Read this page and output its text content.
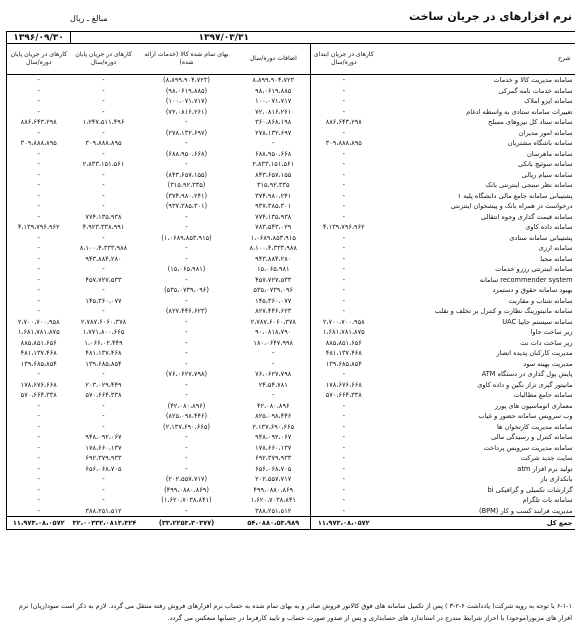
نرم افزارهای در جریان ساخت
مبالغ ـ ریال
۱۳۹۶/۰۹/۳۰	۱۳۹۷/۰۳/۳۱				
کارهای در جریان پایان دوره/سال	کارهای در جریان پایان دوره/سال	بهای تمام شده کالا (خدمات ارائه شده)	اضافات دوره/سال	کارهای در جریان ابتدای دوره/سال	شرح
-	-	(۸،۸۹۹،۹۰۴،۷۲۳)	۸،۸۹۹،۹۰۴،۷۲۳	-	سامانه مدیریت کالا و خدمات
-	-	(۹۸،۰۶۱۹،۸۸۵)	۹۸،۰۶۱۹،۸۸۵	-	سامانه خدمات نامه گمرکی
-	-	(۱۰۰،۰۷۱،۷۱۷)	۱۰۰،۰۷۱،۷۱۷	-	سامانه ایزو املاک
-	-	(۷۲،۰۸۱۶،۲۶۱)	۷۲،۰۸۱۶،۲۶۱	-	تغییرات سامانه ستادی به واسطه ادغام
۸۸۶،۶۴۳،۲۹۸	۱،۲۴۷،۵۱۱،۴۹۶	-	۳۶۰،۸۶۸،۱۹۸	۸۸۶،۶۴۳،۲۹۸	سامانه ستاد کل نیروهای مسلح
-	-	(۲۷۸،۱۳۲،۶۹۷)	۲۷۸،۱۳۲،۶۹۷	-	سامانه امور مدیران
۳۰۹،۸۸۸،۸۹۵	۳۰۹،۸۸۸،۸۹۵	-	-	۳۰۹،۸۸۸،۸۹۵	سامانه باشگاه مشتریان
-	-	(۶۸۸،۹۵۰،۶۶۸)	۶۸۸،۹۵۰،۶۶۸	-	سامانه ماهرسان
-	۲،۸۳۳،۱۵۱،۵۶۱	-	۲،۸۳۳،۱۵۱،۵۶۱	-	سامانه سوئیچ بانکی
-	-	(۸۴۳،۶۵۷،۱۵۵)	۸۴۳،۶۵۷،۱۵۵	-	سامانه سیام ریالی
-	-	(۳۱۵،۹۲،۳۳۵)	۳۱۵،۹۲،۳۳۵	-	سامانه نظر سنجی اینترنتی بانک
-	-	(۳۷۴،۹۸۰،۲۴۱)	۳۷۴،۹۸۰،۲۴۱	-	پشتیبانی سامانه جامع مالی دانشگاه پلیه ۱
-	-	(۹۳۷،۳۸۵،۳۰۱)	۹۳۷،۳۸۵،۳۰۱	-	درخواست در همراه بانک و پیشخوان اینترنتی
-	۷۷۴،۱۳۵،۹۳۸	-	۷۷۴،۱۳۵،۹۳۸	-	سامانه قیمت گذاری وجوه انتقالی
۴،۱۳۹،۷۹۶،۹۶۲	۴،۹۲۳،۳۳۸،۹۹۱	-	۷۸۳،۵۴۳،۰۲۹	۴،۱۳۹،۷۹۶،۹۶۲	سامانه داده کاوی
-	-	(۱،۰۶۸۹،۸۵۳،۹۱۵)	۱،۰۶۸۹،۸۵۳،۹۱۵	-	پشتیبانی سامانه ستادی
-	۸،۱۰۰،۴،۳۳۳،۹۸۸	-	۸،۱۰۰،۴،۳۳۳،۹۸۸	-	سامانه ارزی
-	۹۴۳،۸۸۴،۲۸۰	-	۹۴۳،۸۸۴،۲۸۰	-	سامانه محبا
-	-	(۱۵،۰۶۵،۹۸۱)	۱۵،۰۶۵،۹۸۱	-	سامانه اینترنتی رزرو خدمات
-	۴۵۷،۷۲۷،۵۳۳	-	۴۵۷،۷۲۷،۵۳۳	-	recommender system سامانه
-	-	(۵۳۵،۰۷۳۹،۰۹۶)	۵۳۵،۰۷۳۹،۰۹۶	-	بهبود سامانه حقوق و دستمزد
-	۱۴۵،۳۶۰،۰۷۷	-	۱۴۵،۳۶۰،۰۷۷	-	سامانه شتاب و مقاربت
-	-	(۸۲۷،۴۴۶،۶۲۳)	۸۲۷،۴۴۶،۶۲۳	-	سامانه مانیتورینگ نظارت و کنترل بر تخلف و تقلب
۲،۷۰۰،۷۰۰،۹۵۸	۲،۷۸۷،۶۰۶۰،۳۷۸	-	۲،۷۸۷،۶۰۶۰،۳۷۸	۲،۷۰۰،۷۰۰،۹۵۸	سامانه سیستم جایبا UAC
۱،۶۸۱،۷۸۱،۸۷۵	۱،۷۷۱،۸۰۰،۶۶۵	-	۹۰،۰۸۱۸،۷۹۰	۱،۶۸۱،۷۸۱،۸۷۵	زیر ساخت جاوا
۸۸۵،۸۵۱،۶۵۶	۱،۰۶۶،۰۲،۴۴۹	-	۱۸۰،۰۶۴۷،۹۹۸	۸۸۵،۸۵۱،۶۵۶	زیر ساخت دات نت
۴۸۱،۱۳۷،۴۶۸	۴۸۱،۱۳۷،۴۶۸	-	-	۴۸۱،۱۳۷،۴۶۸	مدیریت کارکنان پدیده انصار
۱۳۹،۶۸۵،۸۵۴	۱۳۹،۶۸۵،۸۵۴	-	-	۱۳۹،۶۸۵،۸۵۴	مدیریت بهینه سود
-	-	(۷۶،۰۶۲۷،۷۹۸)	۷۶،۰۶۲۷،۷۹۸	-	پایش پول گذاری در دستگاه ATM
۱۷۸،۶۷۶،۶۶۸	۲۰۳،۰۲۹،۴۴۹	-	۲۴،۵۴،۷۸۱	۱۷۸،۶۷۶،۶۶۸	مانیتور گیری تراز نگین و داده کاوی
۵۷۰،۶۶۴،۳۳۸	۵۷۰،۶۶۴،۳۳۸	-	-	۵۷۰،۶۶۴،۳۳۸	سامانه جامع مطالبات
-	-	(۴۲،۰۸۰،۸۹۶)	۴۲،۰۸۰،۸۹۶	-	معماری اتوماسیون های پورز
-	-	(۸۲۵،۰۹۸،۴۴۶)	۸۲۵،۰۹۸،۴۴۶	-	وب سرویس سامانه حضور و غیاب
-	-	(۲،۱۳۷،۶۹۰،۶۶۵)	۲،۱۳۷،۶۹۰،۶۶۵	-	سامانه مدیریت کارتخوان ها
-	۹۴۸،۰۹۲،۰۶۷	-	۹۴۸،۰۹۲،۰۶۷	-	سامانه کنترل و رسیدگی مالی
-	۱۷۸،۶۶۰،۱۳۷	-	۱۷۸،۶۶۰،۱۳۷	-	سامانه مدیریت سرویس پرداخت
-	۶۹۲،۳۷۹،۹۳۳	-	۶۹۲،۳۷۹،۹۳۳	-	سایت جدید شرکت
-	۶۵۶،۰۶۸،۷۰۵	-	۶۵۶،۰۶۸،۷۰۵	-	تولید نرم افزار atm
-	-	(۲۰۲،۵۵۷،۷۱۷)	۲۰۲،۵۵۷،۷۱۷	-	بانکداری باز
-	-	(۴۹۹،۰۸۸۰،۸۶۹)	۴۹۹،۰۸۸۰،۸۶۹	-	گزارشات تکمیلی و گرافیکی bi
-	-	(۱،۶۲۰،۷۰۳۸،۸۴۱)	۱،۶۲۰،۷۰۳۸،۸۴۱	-	سامانه بات تلگرام
-	۳۸۸،۲۵۱،۵۱۲	-	۳۸۸،۲۵۱،۵۱۲	-	مدیریت فرایند کسب و کار (BPM)
۱۱،۹۷۳،۰۸،۰۵۷۲	۳۲،۰۰۳۳۲،۰۸۱۳،۳۲۴	(۳۳،۲۲۵۳،۳۰۳۷۷)	۵۴،۰۸۸۰،۵۳،۹۸۹	۱۱،۹۷۳،۰۸،۰۵۷۲	جمع کل
۶-۱-۱ با توجه به رویه شرکت( یادداشت ۶-۲-۳ ) پس از تکمیل سامانه های فوق کالاتور فروش صادر و به بهای تمام شده به حساب نرم افزارهای فروش رفته منتقل می گردد. لازم به ذکر است سود(زیان) نرم افزار های مزبور(موجود) با احراز شرایط مندرج در استاندارد های حسابداری و پس از صدور صورت حساب و تایید کارفرما در حسابها منعکس می گردد.
